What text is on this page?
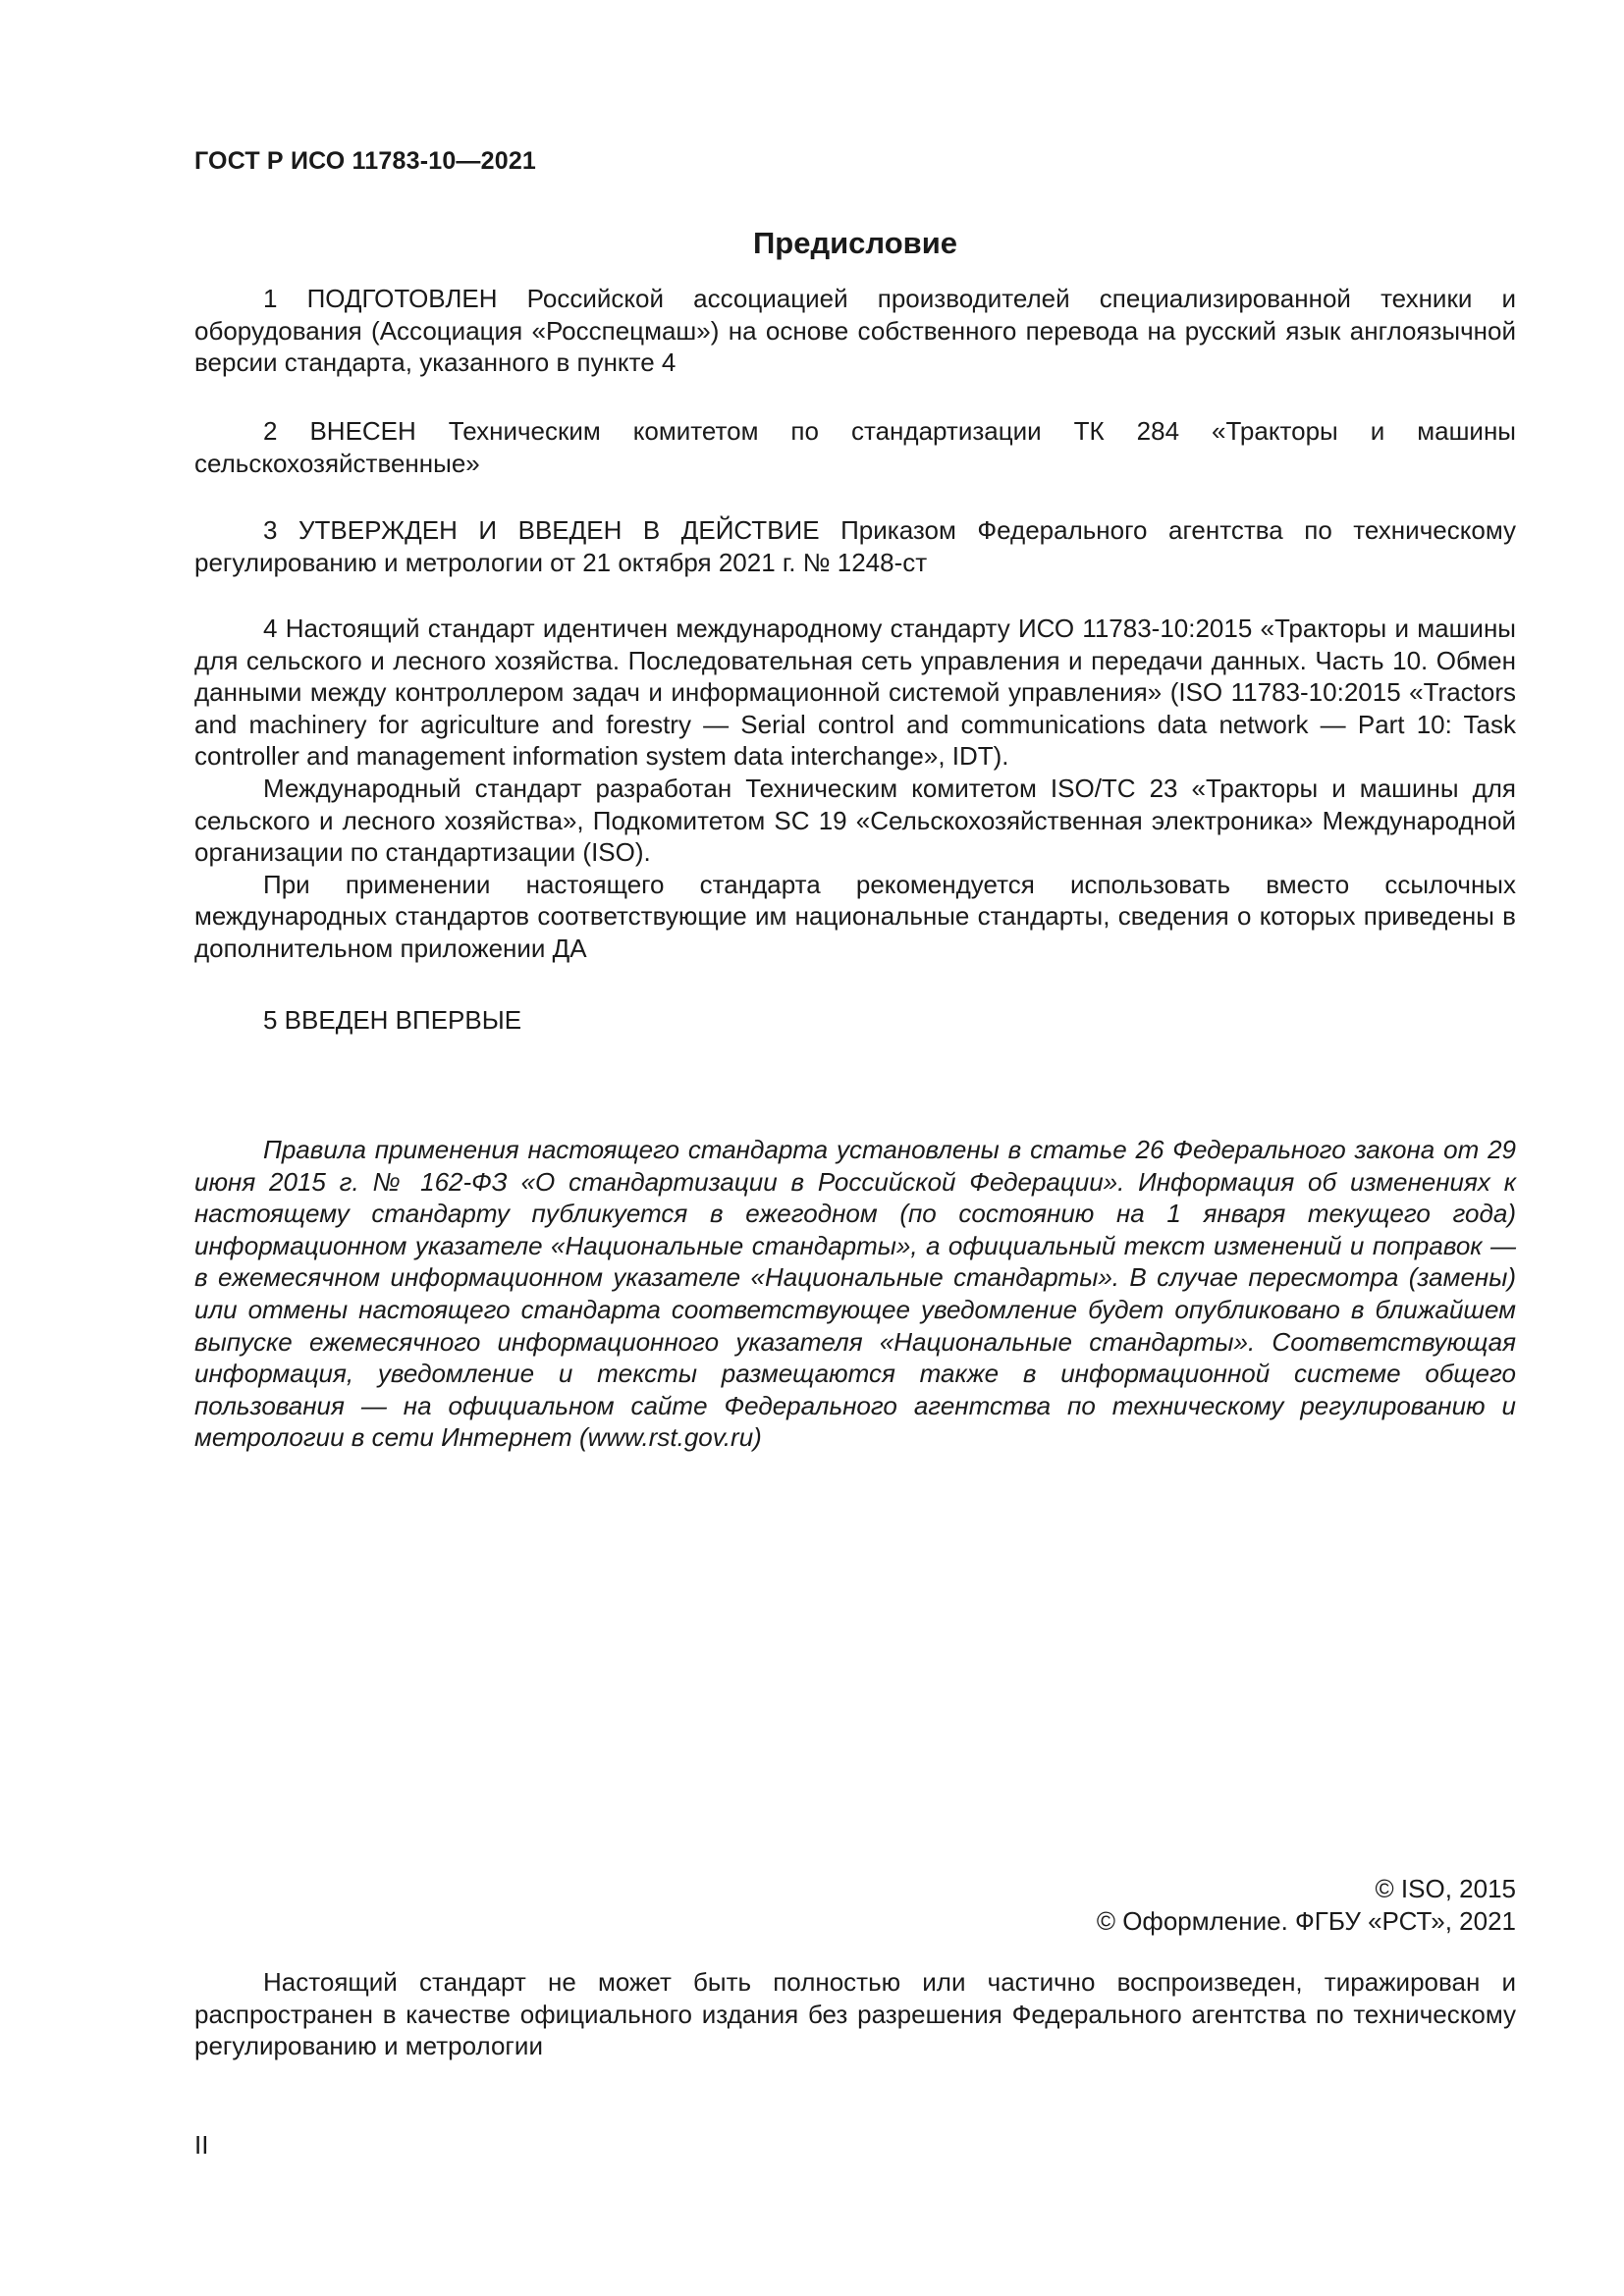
ГОСТ Р ИСО 11783-10—2021
Предисловие

1 ПОДГОТОВЛЕН Российской ассоциацией производителей специализированной техники и оборудования (Ассоциация «Росспецмаш») на основе собственного перевода на русский язык англоязычной версии стандарта, указанного в пункте 4

2 ВНЕСЕН Техническим комитетом по стандартизации ТК 284 «Тракторы и машины сельскохозяйственные»

3 УТВЕРЖДЕН И ВВЕДЕН В ДЕЙСТВИЕ Приказом Федерального агентства по техническому регулированию и метрологии от 21 октября 2021 г. № 1248-ст

4 Настоящий стандарт идентичен международному стандарту ИСО 11783-10:2015 «Тракторы и машины для сельского и лесного хозяйства. Последовательная сеть управления и передачи данных. Часть 10. Обмен данными между контроллером задач и информационной системой управления» (ISO 11783-10:2015 «Tractors and machinery for agriculture and forestry — Serial control and communications data network — Part 10: Task controller and management information system data interchange», IDT).

Международный стандарт разработан Техническим комитетом ISO/TC 23 «Тракторы и машины для сельского и лесного хозяйства», Подкомитетом SC 19 «Сельскохозяйственная электроника» Международной организации по стандартизации (ISO).

При применении настоящего стандарта рекомендуется использовать вместо ссылочных международных стандартов соответствующие им национальные стандарты, сведения о которых приведены в дополнительном приложении ДА

5 ВВЕДЕН ВПЕРВЫЕ

Правила применения настоящего стандарта установлены в статье 26 Федерального закона от 29 июня 2015 г. № 162-ФЗ «О стандартизации в Российской Федерации». Информация об изменениях к настоящему стандарту публикуется в ежегодном (по состоянию на 1 января текущего года) информационном указателе «Национальные стандарты», а официальный текст изменений и поправок — в ежемесячном информационном указателе «Национальные стандарты». В случае пересмотра (замены) или отмены настоящего стандарта соответствующее уведомление будет опубликовано в ближайшем выпуске ежемесячного информационного указателя «Национальные стандарты». Соответствующая информация, уведомление и тексты размещаются также в информационной системе общего пользования — на официальном сайте Федерального агентства по техническому регулированию и метрологии в сети Интернет (www.rst.gov.ru)

© ISO, 2015
© Оформление. ФГБУ «РСТ», 2021

Настоящий стандарт не может быть полностью или частично воспроизведен, тиражирован и распространен в качестве официального издания без разрешения Федерального агентства по техническому регулированию и метрологии

II
